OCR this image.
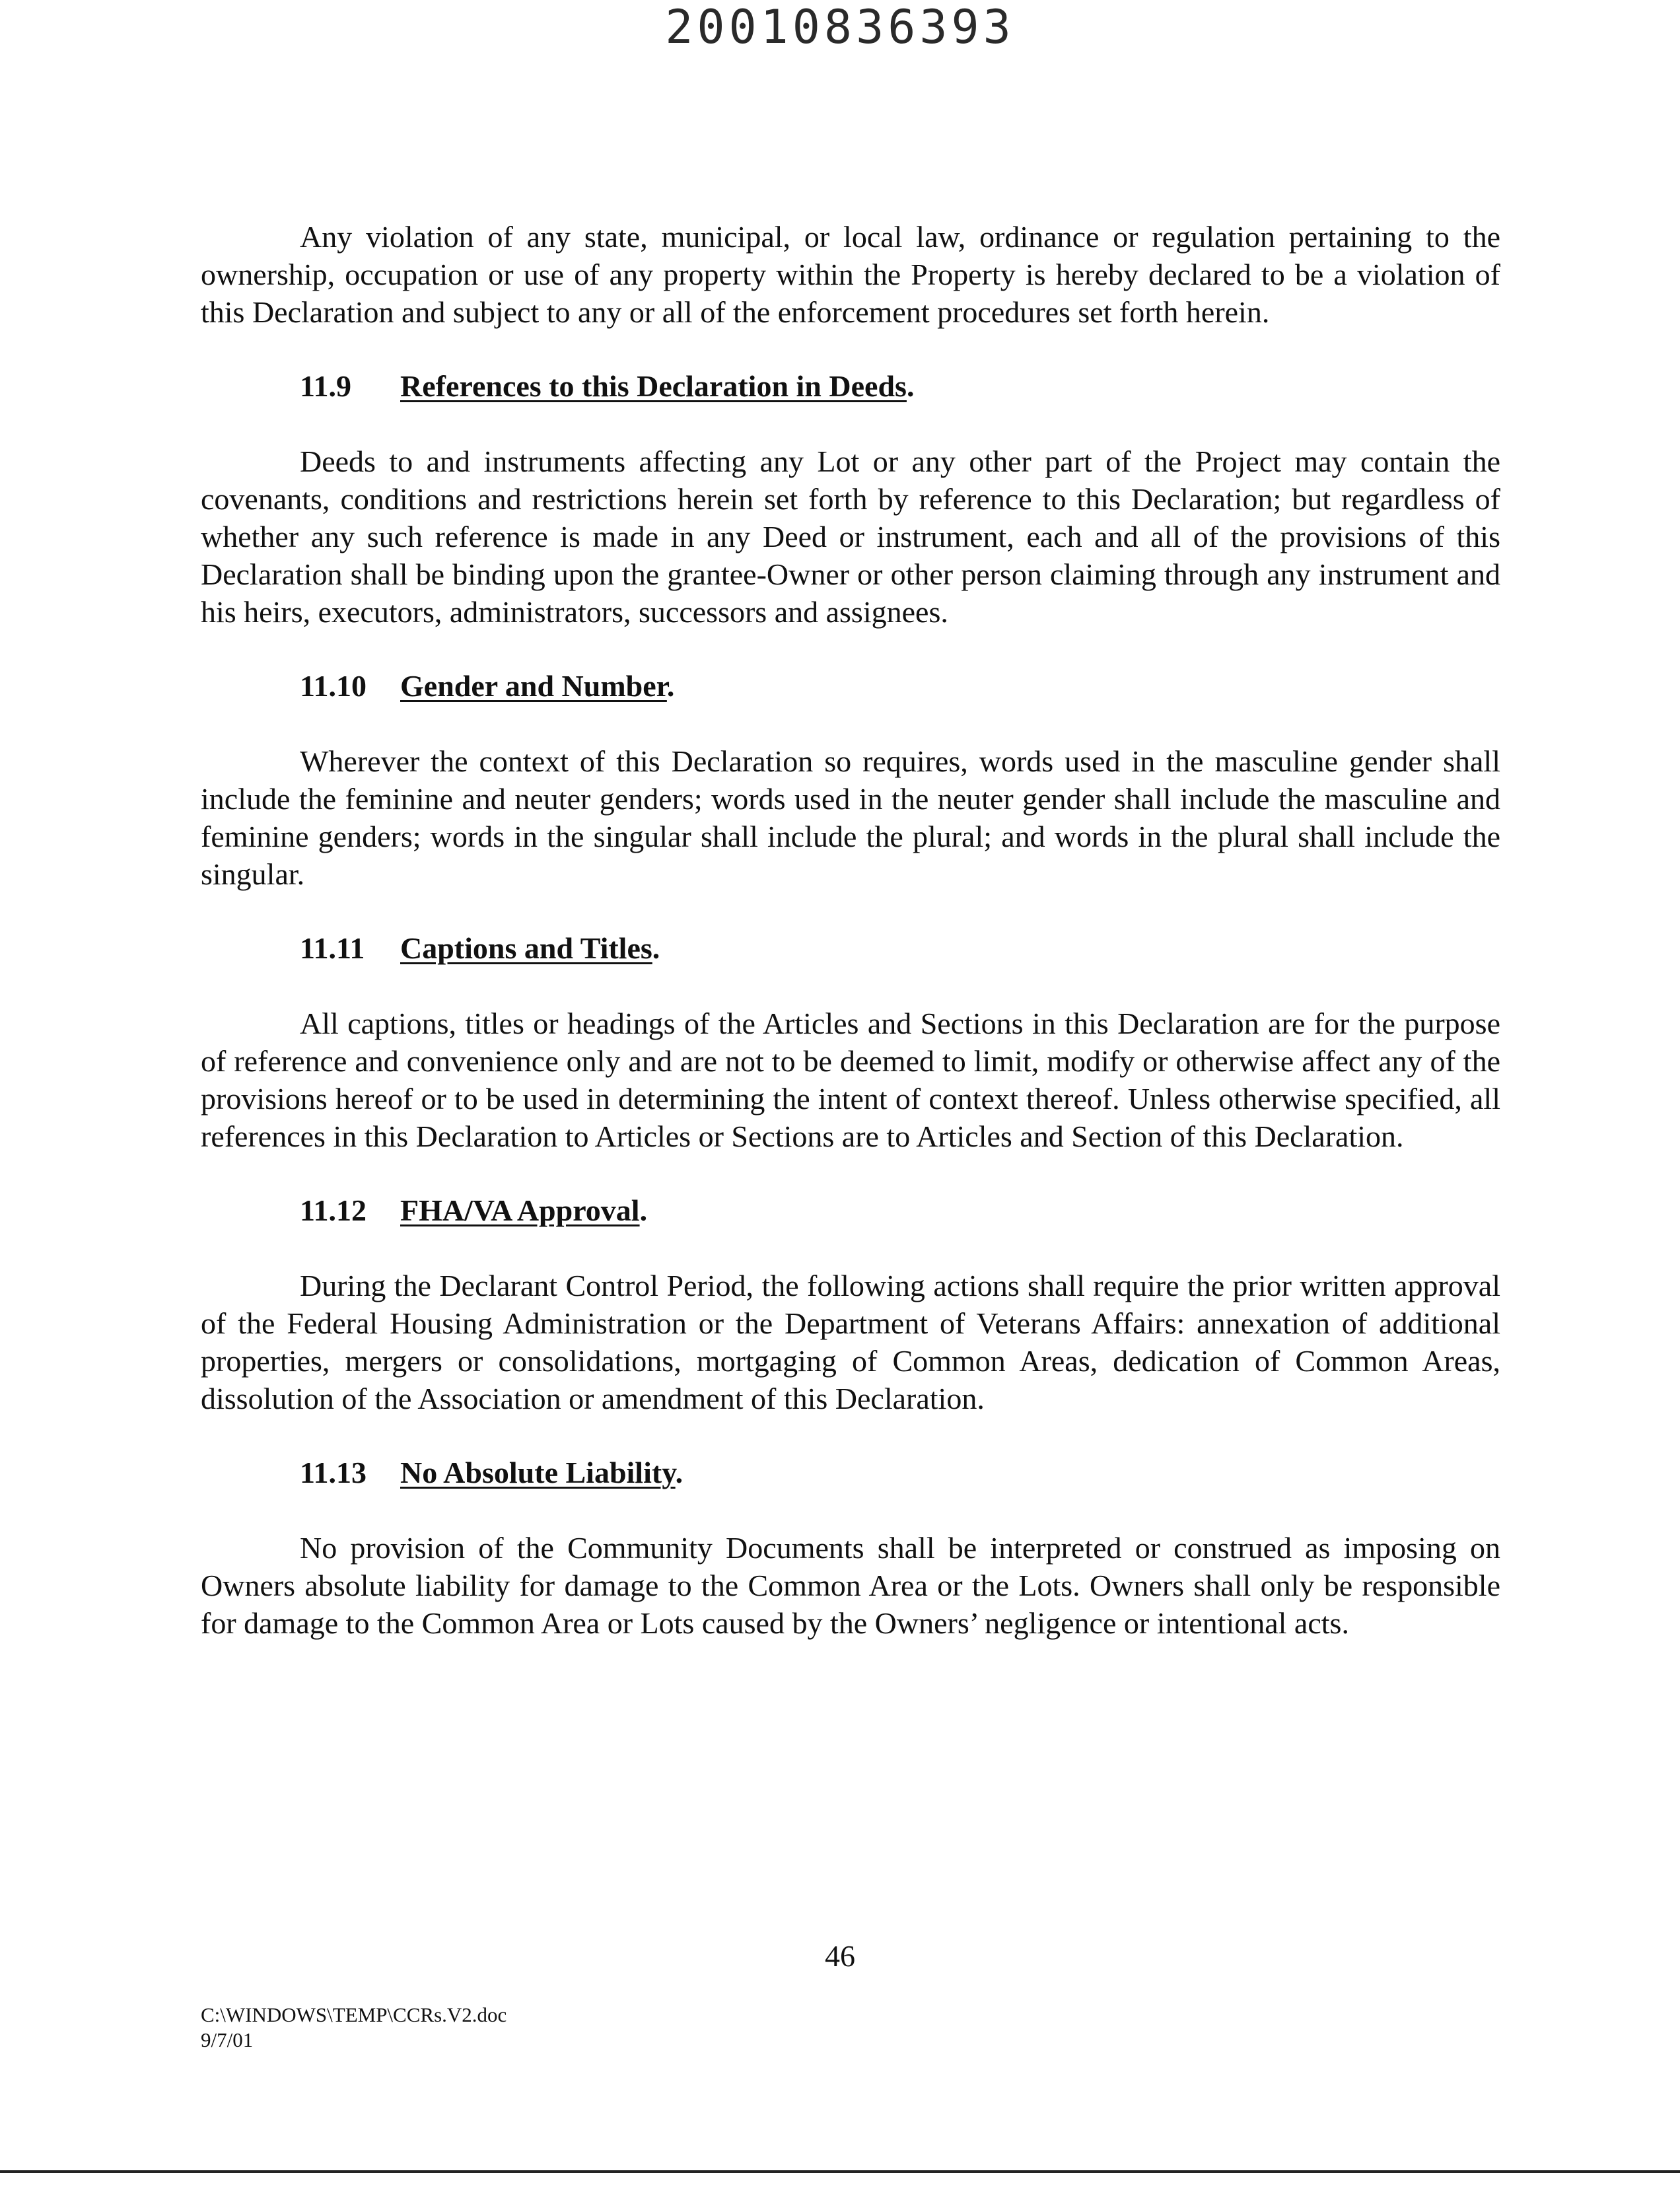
20010836393

Any violation of any state, municipal, or local law, ordinance or regulation pertaining to the ownership, occupation or use of any property within the Property is hereby declared to be a violation of this Declaration and subject to any or all of the enforcement procedures set forth herein.

11.9 References to this Declaration in Deeds.

Deeds to and instruments affecting any Lot or any other part of the Project may contain the covenants, conditions and restrictions herein set forth by reference to this Declaration; but regardless of whether any such reference is made in any Deed or instrument, each and all of the provisions of this Declaration shall be binding upon the grantee-Owner or other person claiming through any instrument and his heirs, executors, administrators, successors and assignees.

11.10 Gender and Number.

Wherever the context of this Declaration so requires, words used in the masculine gender shall include the feminine and neuter genders; words used in the neuter gender shall include the masculine and feminine genders; words in the singular shall include the plural; and words in the plural shall include the singular.

11.11 Captions and Titles.

All captions, titles or headings of the Articles and Sections in this Declaration are for the purpose of reference and convenience only and are not to be deemed to limit, modify or otherwise affect any of the provisions hereof or to be used in determining the intent of context thereof. Unless otherwise specified, all references in this Declaration to Articles or Sections are to Articles and Section of this Declaration.

11.12 FHA/VA Approval.

During the Declarant Control Period, the following actions shall require the prior written approval of the Federal Housing Administration or the Department of Veterans Affairs: annexation of additional properties, mergers or consolidations, mortgaging of Common Areas, dedication of Common Areas, dissolution of the Association or amendment of this Declaration.

11.13 No Absolute Liability.

No provision of the Community Documents shall be interpreted or construed as imposing on Owners absolute liability for damage to the Common Area or the Lots. Owners shall only be responsible for damage to the Common Area or Lots caused by the Owners’ negligence or intentional acts.

46
C:\WINDOWS\TEMP\CCRs.V2.doc
9/7/01
